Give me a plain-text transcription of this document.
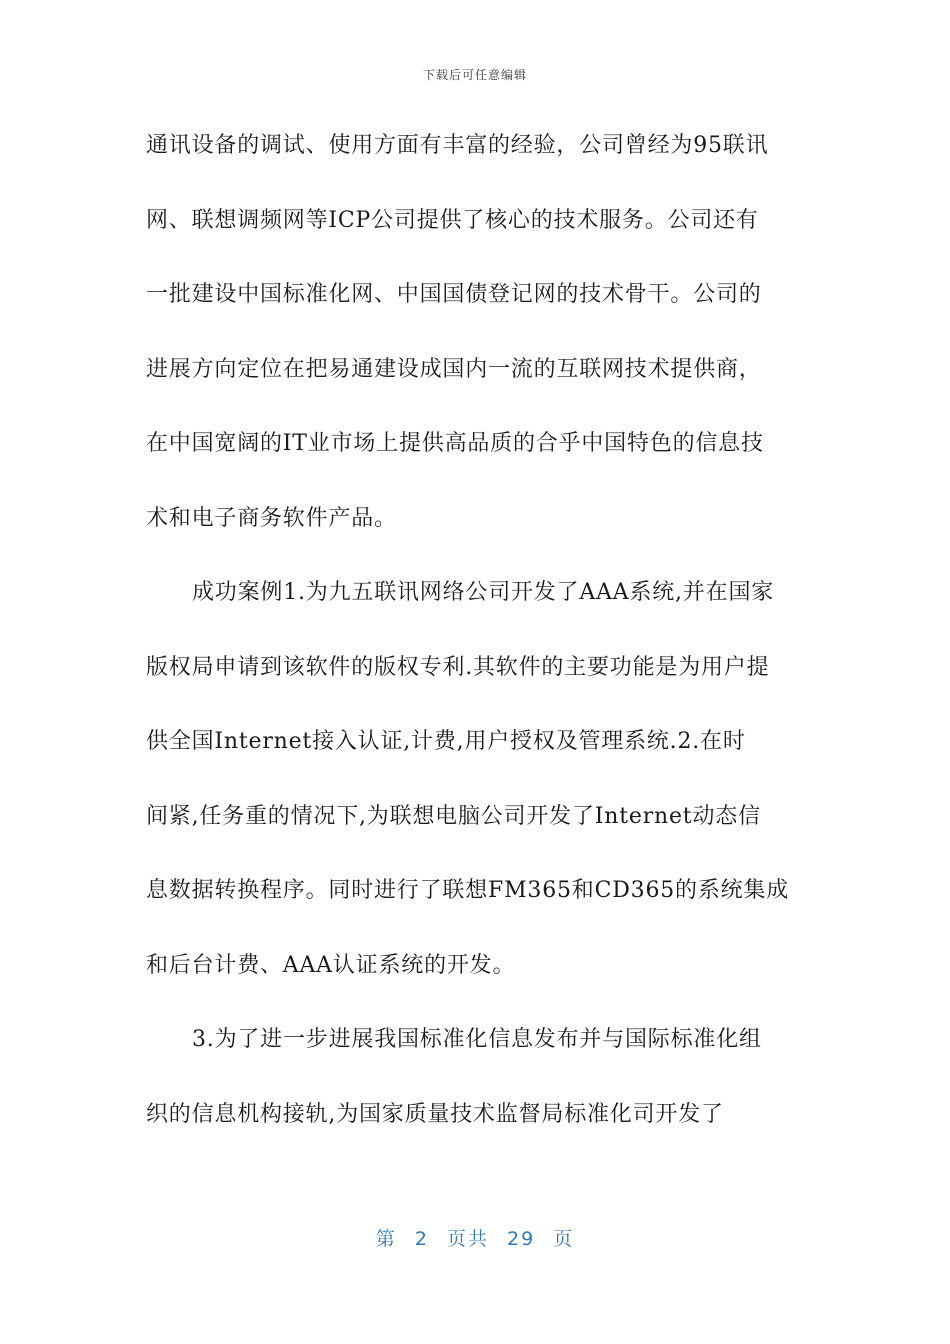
下载后可任意编辑
通讯设备的调试、使用方面有丰富的经验，公司曾经为95联讯
网、联想调频网等ICP公司提供了核心的技术服务。公司还有
一批建设中国标准化网、中国国债登记网的技术骨干。公司的
进展方向定位在把易通建设成国内一流的互联网技术提供商，
在中国宽阔的IT业市场上提供高品质的合乎中国特色的信息技
术和电子商务软件产品。
成功案例1.为九五联讯网络公司开发了AAA系统,并在国家
版权局申请到该软件的版权专利.其软件的主要功能是为用户提
供全国Internet接入认证,计费,用户授权及管理系统.2.在时
间紧,任务重的情况下,为联想电脑公司开发了Internet动态信
息数据转换程序。同时进行了联想FM365和CD365的系统集成
和后台计费、AAA认证系统的开发。
3.为了进一步进展我国标准化信息发布并与国际标准化组
织的信息机构接轨,为国家质量技术监督局标准化司开发了
第 2 页共 29 页
